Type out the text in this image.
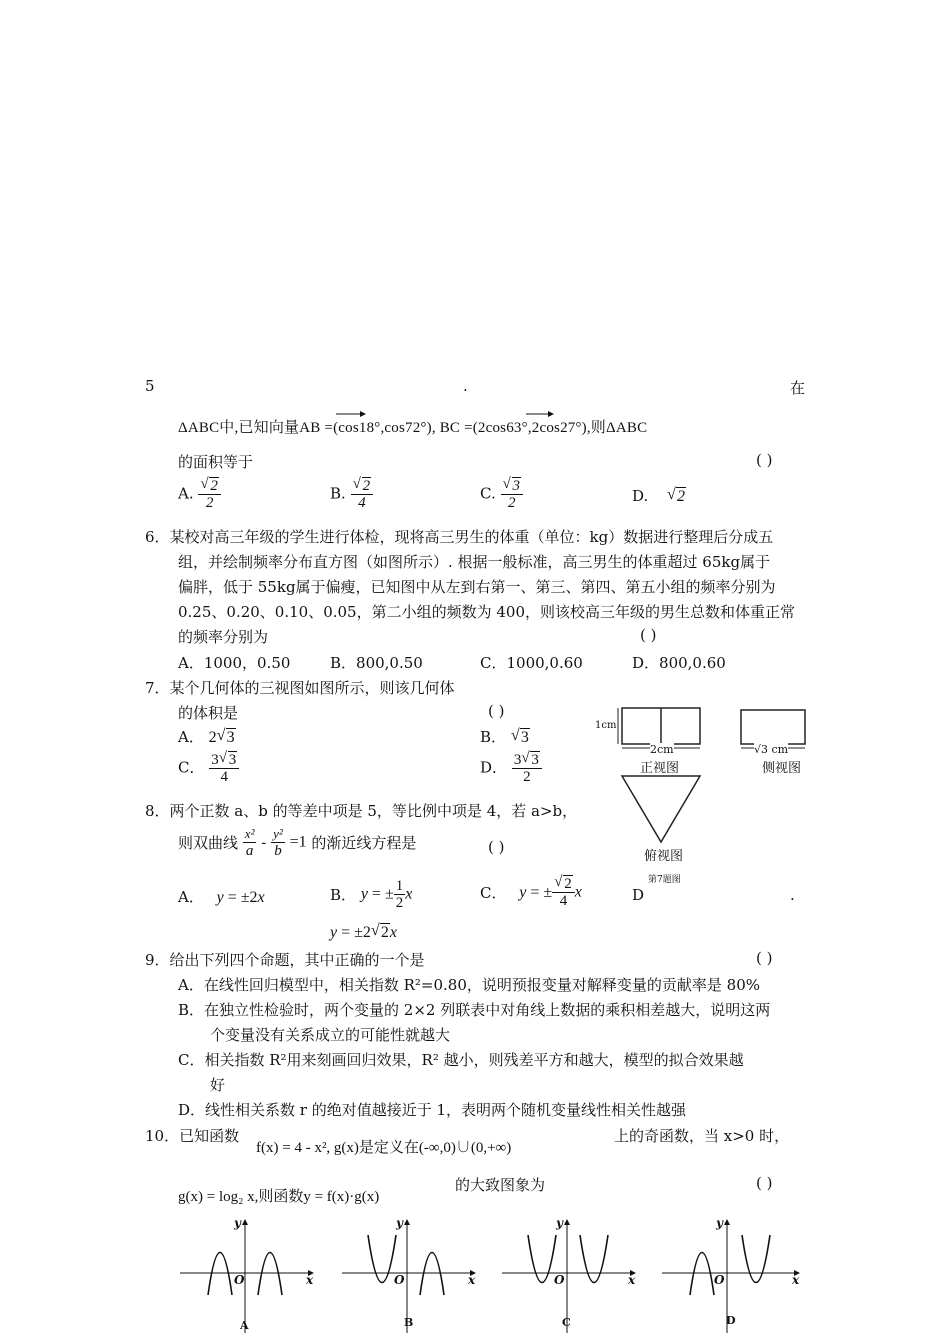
5	.	在
ΔABC中,已知向量AB =(cos18°,cos72°), BC =(2cos63°,2cos27°),则ΔABC
的面积等于	( )
A. √ $\frac{2}{2}$	B. √ $\frac{2}{4}$	C. √ $\frac{3}{2}$	D. √ 2
6．某校对高三年级的学生进行体检，现将高三男生的体重（单位：kg）数据进行整理后分成五
组，并绘制频率分布直方图（如图所示）. 根据一般标准，高三男生的体重超过 65kg属于
偏胖，低于 55kg属于偏瘦，已知图中从左到右第一、第三、第四、第五小组的频率分别为
0.25、0.20、0.10、0.05，第二小组的频数为 400，则该校高三年级的男生总数和体重正常
的频率分别为	( )
A．1000，0.50	B．800,0.50	C．1000,0.60	D．800,0.60
7．某个几何体的三视图如图所示，则该几何体
的体积是	( )
A． 2 √ 3	B． √ 3
C． $\frac{3 √ 3}{4}$	D． $\frac{3 √ 3}{2}$
1cm
2cm
正视图
√3 cm
侧视图
俯视图
第7题图
8．两个正数 a、b 的等差中项是 5，等比例中项是 4，若 a>b，
则双曲线 $\frac{\text{x²}}{a} - \frac{\text{y²}}{b} =1$ 的渐近线方程是	( )
A． y = ±2x	B． y = ± $\frac{1}{2}$ x	C． y = ± √ $\frac{2}{4}$ x	D	.
y = ±2 √ 2x
9．给出下列四个命题，其中正确的一个是	( )
A．在线性回归模型中，相关指数 R²=0.80，说明预报变量对解释变量的贡献率是 80%
B．在独立性检验时，两个变量的 2×2 列联表中对角线上数据的乘积相差越大，说明这两
个变量没有关系成立的可能性就越大
C．相关指数 R²用来刻画回归效果，R² 越小，则残差平方和越大，模型的拟合效果越
好
D．线性相关系数 r 的绝对值越接近于 1，表明两个随机变量线性相关性越强
10．已知函数
f(x) = 4 - x², g(x)是定义在(-∞,0)∪(0,+∞)
上的奇函数，当 x>0 时，
g(x) = log₂ x,则函数y = f(x)·g(x)
的大致图象为	( )
y
x
O
A
y
x
O
B
y
x
O
C
y
x
O
D
